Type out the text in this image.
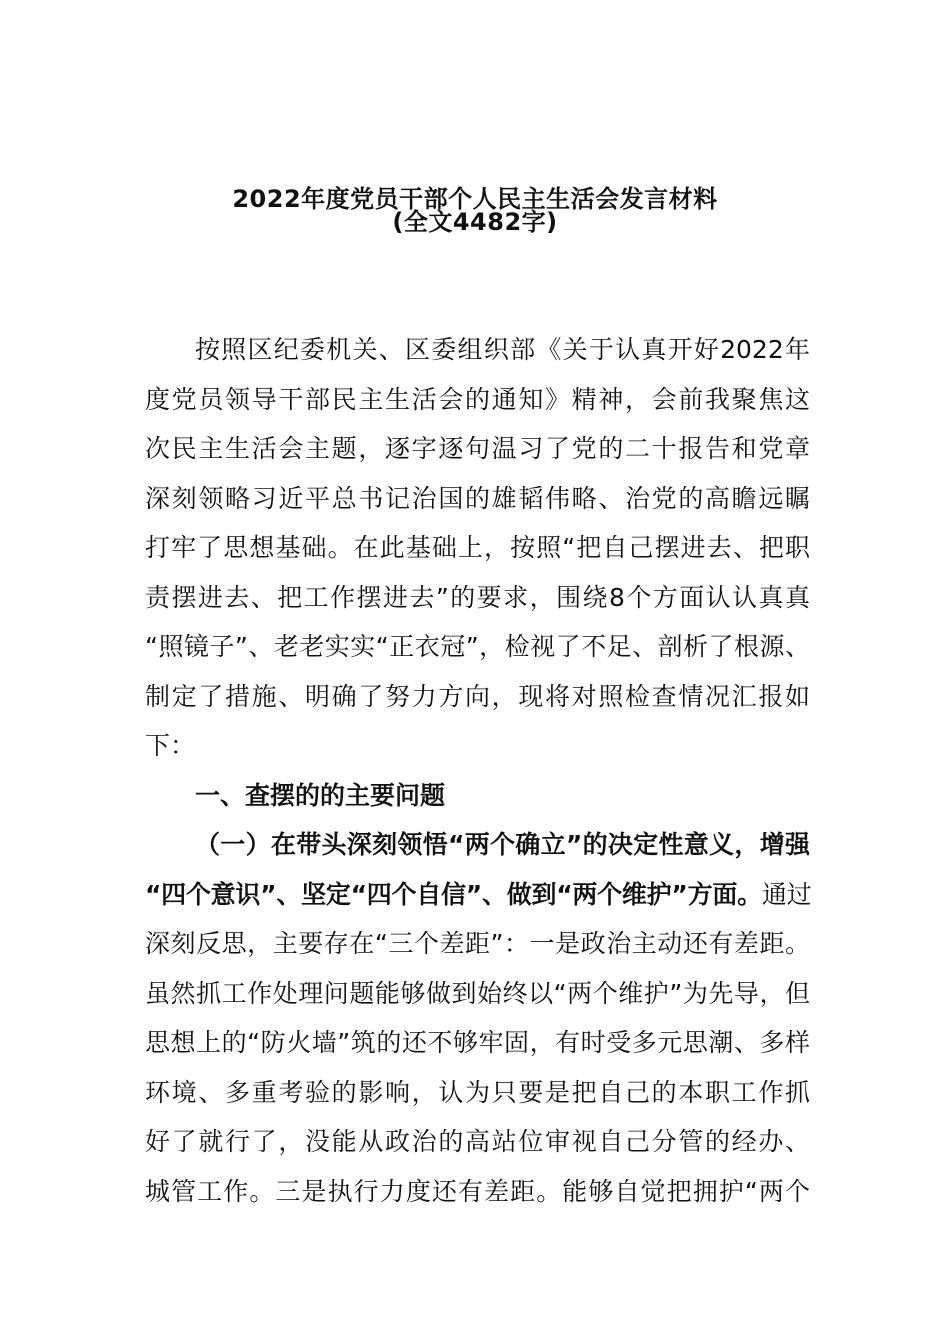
2022年度党员干部个人民主生活会发言材料
(全文4482字)
按照区纪委机关、区委组织部《关于认真开好2022年
度党员领导干部民主生活会的通知》精神，会前我聚焦这
次民主生活会主题，逐字逐句温习了党的二十报告和党章
深刻领略习近平总书记治国的雄韬伟略、治党的高瞻远瞩
打牢了思想基础。在此基础上，按照“把自己摆进去、把职
责摆进去、把工作摆进去”的要求，围绕8个方面认认真真
“照镜子”、老老实实“正衣冠”，检视了不足、剖析了根源、
制定了措施、明确了努力方向，现将对照检查情况汇报如
下：
一、查摆的的主要问题
（一）在带头深刻领悟“两个确立”的决定性意义，增强
“四个意识”、坚定“四个自信”、做到“两个维护”方面。通过
深刻反思，主要存在“三个差距”：一是政治主动还有差距。
虽然抓工作处理问题能够做到始终以“两个维护”为先导，但
思想上的“防火墙”筑的还不够牢固，有时受多元思潮、多样
环境、多重考验的影响，认为只要是把自己的本职工作抓
好了就行了，没能从政治的高站位审视自己分管的经办、
城管工作。三是执行力度还有差距。能够自觉把拥护“两个
